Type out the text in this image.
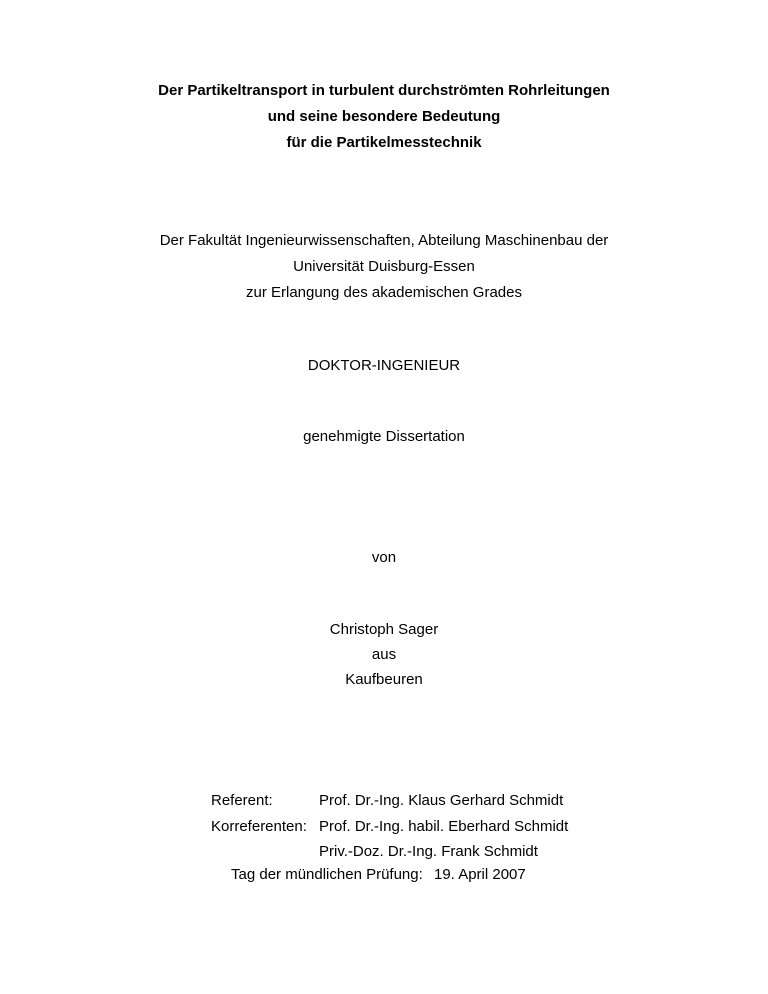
Der Partikeltransport in turbulent durchströmten Rohrleitungen
und seine besondere Bedeutung
für die Partikelmesstechnik
Der Fakultät Ingenieurwissenschaften, Abteilung Maschinenbau der
Universität Duisburg-Essen
zur Erlangung des akademischen Grades
DOKTOR-INGENIEUR
genehmigte Dissertation
von
Christoph Sager
aus
Kaufbeuren
Referent:	Prof. Dr.-Ing. Klaus Gerhard Schmidt
Korreferenten: Prof. Dr.-Ing. habil. Eberhard Schmidt
Priv.-Doz. Dr.-Ing. Frank Schmidt
Tag der mündlichen Prüfung: 19. April 2007
